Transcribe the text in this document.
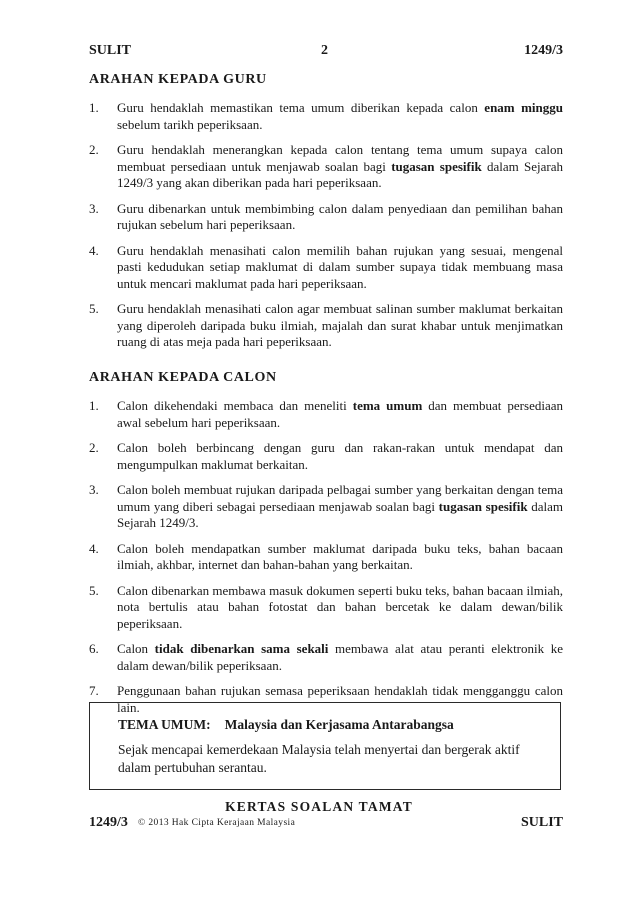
SULIT	2	1249/3
ARAHAN KEPADA GURU
1. Guru hendaklah memastikan tema umum diberikan kepada calon enam minggu sebelum tarikh peperiksaan.
2. Guru hendaklah menerangkan kepada calon tentang tema umum supaya calon membuat persediaan untuk menjawab soalan bagi tugasan spesifik dalam Sejarah 1249/3 yang akan diberikan pada hari peperiksaan.
3. Guru dibenarkan untuk membimbing calon dalam penyediaan dan pemilihan bahan rujukan sebelum hari peperiksaan.
4. Guru hendaklah menasihati calon memilih bahan rujukan yang sesuai, mengenal pasti kedudukan setiap maklumat di dalam sumber supaya tidak membuang masa untuk mencari maklumat pada hari peperiksaan.
5. Guru hendaklah menasihati calon agar membuat salinan sumber maklumat berkaitan yang diperoleh daripada buku ilmiah, majalah dan surat khabar untuk menjimatkan ruang di atas meja pada hari peperiksaan.
ARAHAN KEPADA CALON
1. Calon dikehendaki membaca dan meneliti tema umum dan membuat persediaan awal sebelum hari peperiksaan.
2. Calon boleh berbincang dengan guru dan rakan-rakan untuk mendapat dan mengumpulkan maklumat berkaitan.
3. Calon boleh membuat rujukan daripada pelbagai sumber yang berkaitan dengan tema umum yang diberi sebagai persediaan menjawab soalan bagi tugasan spesifik dalam Sejarah 1249/3.
4. Calon boleh mendapatkan sumber maklumat daripada buku teks, bahan bacaan ilmiah, akhbar, internet dan bahan-bahan yang berkaitan.
5. Calon dibenarkan membawa masuk dokumen seperti buku teks, bahan bacaan ilmiah, nota bertulis atau bahan fotostat dan bahan bercetak ke dalam dewan/bilik peperiksaan.
6. Calon tidak dibenarkan sama sekali membawa alat atau peranti elektronik ke dalam dewan/bilik peperiksaan.
7. Penggunaan bahan rujukan semasa peperiksaan hendaklah tidak mengganggu calon lain.
TEMA UMUM: Malaysia dan Kerjasama Antarabangsa
Sejak mencapai kemerdekaan Malaysia telah menyertai dan bergerak aktif dalam pertubuhan serantau.
KERTAS SOALAN TAMAT
1249/3 © 2013 Hak Cipta Kerajaan Malaysia	SULIT
